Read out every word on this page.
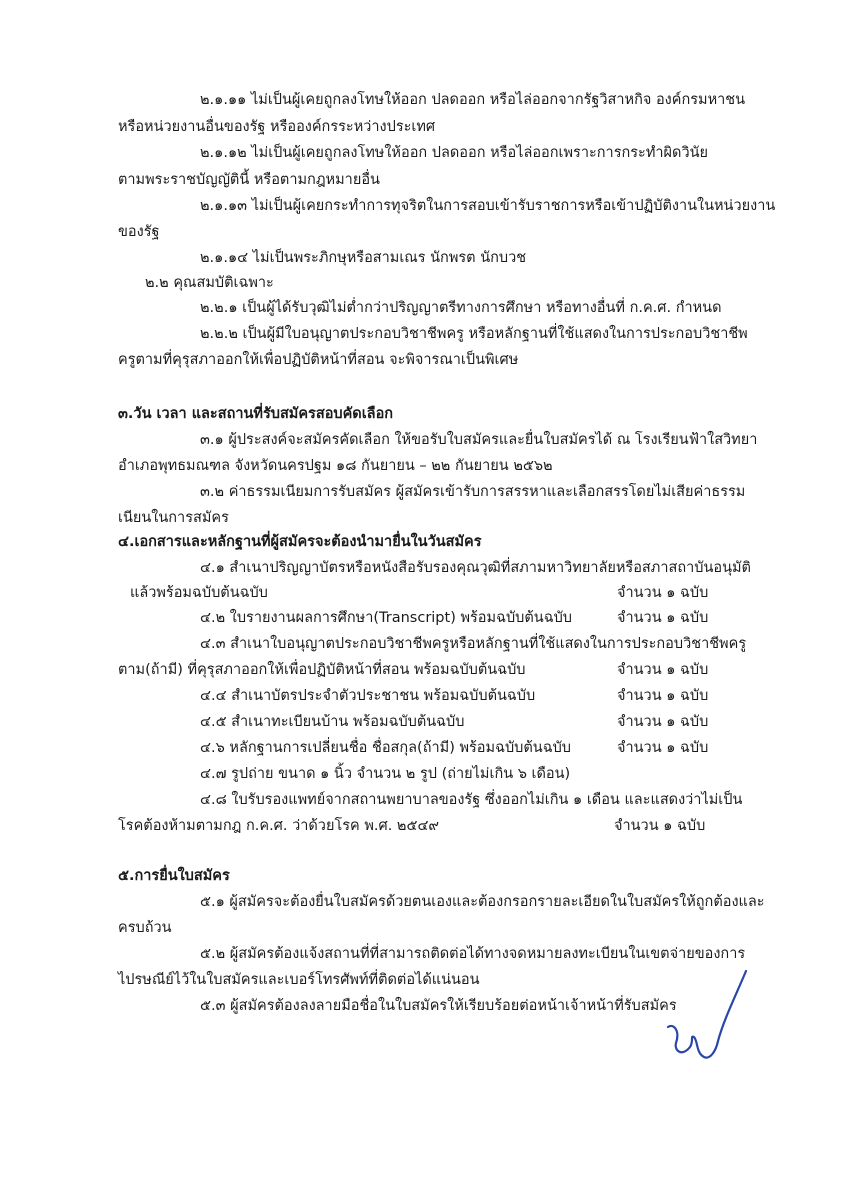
๒.๑.๑๑ ไม่เป็นผู้เคยถูกลงโทษให้ออก ปลดออก หรือไล่ออกจากรัฐวิสาหกิจ องค์กรมหาชน
หรือหน่วยงานอื่นของรัฐ หรือองค์กรระหว่างประเทศ
๒.๑.๑๒ ไม่เป็นผู้เคยถูกลงโทษให้ออก ปลดออก หรือไล่ออกเพราะการกระทำผิดวินัย
ตามพระราชบัญญัตินี้ หรือตามกฎหมายอื่น
๒.๑.๑๓ ไม่เป็นผู้เคยกระทำการทุจริตในการสอบเข้ารับราชการหรือเข้าปฏิบัติงานในหน่วยงาน
ของรัฐ
๒.๑.๑๔ ไม่เป็นพระภิกษุหรือสามเณร นักพรต นักบวช
๒.๒ คุณสมบัติเฉพาะ
๒.๒.๑ เป็นผู้ได้รับวุฒิไม่ต่ำกว่าปริญญาตรีทางการศึกษา หรือทางอื่นที่ ก.ค.ศ. กำหนด
๒.๒.๒ เป็นผู้มีใบอนุญาตประกอบวิชาชีพครู หรือหลักฐานที่ใช้แสดงในการประกอบวิชาชีพ
ครูตามที่คุรุสภาออกให้เพื่อปฏิบัติหน้าที่สอน จะพิจารณาเป็นพิเศษ
๓.วัน เวลา และสถานที่รับสมัครสอบคัดเลือก
๓.๑ ผู้ประสงค์จะสมัครคัดเลือก ให้ขอรับใบสมัครและยื่นใบสมัครได้ ณ โรงเรียนฟ้าใสวิทยา
อำเภอพุทธมณฑล จังหวัดนครปฐม ๑๘ กันยายน – ๒๒ กันยายน ๒๕๖๒
๓.๒ ค่าธรรมเนียมการรับสมัคร ผู้สมัครเข้ารับการสรรหาและเลือกสรรโดยไม่เสียค่าธรรม
เนียนในการสมัคร
๔.เอกสารและหลักฐานที่ผู้สมัครจะต้องนำมายื่นในวันสมัคร
๔.๑ สำเนาปริญญาบัตรหรือหนังสือรับรองคุณวุฒิที่สภามหาวิทยาลัยหรือสภาสถาบันอนุมัติ
แล้วพร้อมฉบับต้นฉบับ	จำนวน ๑ ฉบับ
๔.๒ ใบรายงานผลการศึกษา(Transcript) พร้อมฉบับต้นฉบับ	จำนวน ๑ ฉบับ
๔.๓ สำเนาใบอนุญาตประกอบวิชาชีพครูหรือหลักฐานที่ใช้แสดงในการประกอบวิชาชีพครู
ตาม(ถ้ามี) ที่คุรุสภาออกให้เพื่อปฏิบัติหน้าที่สอน พร้อมฉบับต้นฉบับ	จำนวน ๑ ฉบับ
๔.๔ สำเนาบัตรประจำตัวประชาชน พร้อมฉบับต้นฉบับ	จำนวน ๑ ฉบับ
๔.๕ สำเนาทะเบียนบ้าน พร้อมฉบับต้นฉบับ	จำนวน ๑ ฉบับ
๔.๖ หลักฐานการเปลี่ยนชื่อ ชื่อสกุล(ถ้ามี) พร้อมฉบับต้นฉบับ	จำนวน ๑ ฉบับ
๔.๗ รูปถ่าย ขนาด ๑ นิ้ว จำนวน ๒ รูป (ถ่ายไม่เกิน ๖ เดือน)
๔.๘ ใบรับรองแพทย์จากสถานพยาบาลของรัฐ ซึ่งออกไม่เกิน ๑ เดือน และแสดงว่าไม่เป็น
โรคต้องห้ามตามกฎ ก.ค.ศ. ว่าด้วยโรค พ.ศ. ๒๕๔๙	จำนวน ๑ ฉบับ
๕.การยื่นใบสมัคร
๕.๑ ผู้สมัครจะต้องยื่นใบสมัครด้วยตนเองและต้องกรอกรายละเอียดในใบสมัครให้ถูกต้องและ
ครบถ้วน
๕.๒ ผู้สมัครต้องแจ้งสถานที่ที่สามารถติดต่อได้ทางจดหมายลงทะเบียนในเขตจ่ายของการ
ไปรษณีย์ไว้ในใบสมัครและเบอร์โทรศัพท์ที่ติดต่อได้แน่นอน
๕.๓ ผู้สมัครต้องลงลายมือชื่อในใบสมัครให้เรียบร้อยต่อหน้าเจ้าหน้าที่รับสมัคร
